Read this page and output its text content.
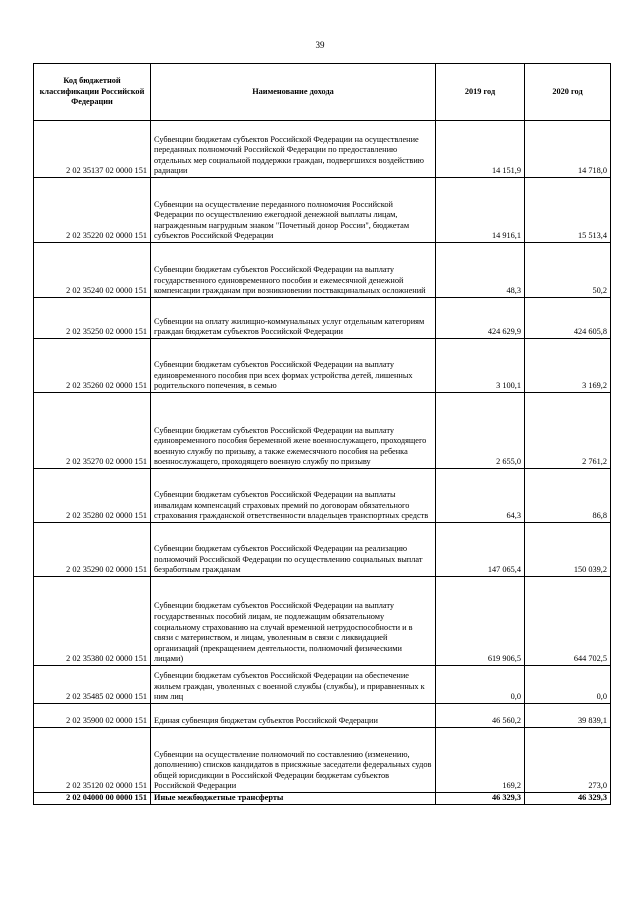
39
Код бюджетной классификации Российской Федерации	Наименование дохода	2019 год	2020 год
2 02 35137 02 0000 151	Субвенции бюджетам субъектов Российской Федерации на осуществление переданных полномочий Российской Федерации по предоставлению отдельных мер социальной поддержки граждан, подвергшихся воздействию радиации	14 151,9	14 718,0
2 02 35220 02 0000 151	Субвенции на осуществление переданного полномочия Российской Федерации по осуществлению ежегодной денежной выплаты лицам, награжденным нагрудным знаком "Почетный донор России", бюджетам субъектов Российской Федерации	14 916,1	15 513,4
2 02 35240 02 0000 151	Субвенции бюджетам субъектов Российской Федерации на выплату государственного единовременного пособия и ежемесячной денежной компенсации гражданам при возникновении поствакцинальных осложнений	48,3	50,2
2 02 35250 02 0000 151	Субвенции на оплату жилищно-коммунальных услуг отдельным категориям граждан бюджетам субъектов Российской Федерации	424 629,9	424 605,8
2 02 35260 02 0000 151	Субвенции бюджетам субъектов Российской Федерации на выплату единовременного пособия при всех формах устройства детей, лишенных родительского попечения, в семью	3 100,1	3 169,2
2 02 35270 02 0000 151	Субвенции бюджетам субъектов Российской Федерации на выплату единовременного пособия беременной жене военнослужащего, проходящего военную службу по призыву, а также ежемесячного пособия на ребенка военнослужащего, проходящего военную службу по призыву	2 655,0	2 761,2
2 02 35280 02 0000 151	Субвенции бюджетам субъектов Российской Федерации на выплаты инвалидам компенсаций страховых премий по договорам обязательного страхования гражданской ответственности владельцев транспортных средств	64,3	86,8
2 02 35290 02 0000 151	Субвенции бюджетам субъектов Российской Федерации на реализацию полномочий Российской Федерации по осуществлению социальных выплат безработным гражданам	147 065,4	150 039,2
2 02 35380 02 0000 151	Субвенции бюджетам субъектов Российской Федерации на выплату государственных пособий лицам, не подлежащим обязательному социальному страхованию на случай временной нетрудоспособности и в связи с материнством, и лицам, уволенным в связи с ликвидацией организаций (прекращением деятельности, полномочий физическими лицами)	619 906,5	644 702,5
2 02 35485 02 0000 151	Субвенции бюджетам субъектов Российской Федерации на обеспечение жильем граждан, уволенных с военной службы (службы), и приравненных к ним лиц	0,0	0,0
2 02 35900 02 0000 151	Единая субвенция бюджетам субъектов Российской Федерации	46 560,2	39 839,1
2 02 35120 02 0000 151	Субвенции на осуществление полномочий по составлению (изменению, дополнению) списков кандидатов в присяжные заседатели федеральных судов общей юрисдикции в Российской Федерации бюджетам субъектов Российской Федерации	169,2	273,0
2 02 04000 00 0000 151	Иные межбюджетные трансферты	46 329,3	46 329,3
